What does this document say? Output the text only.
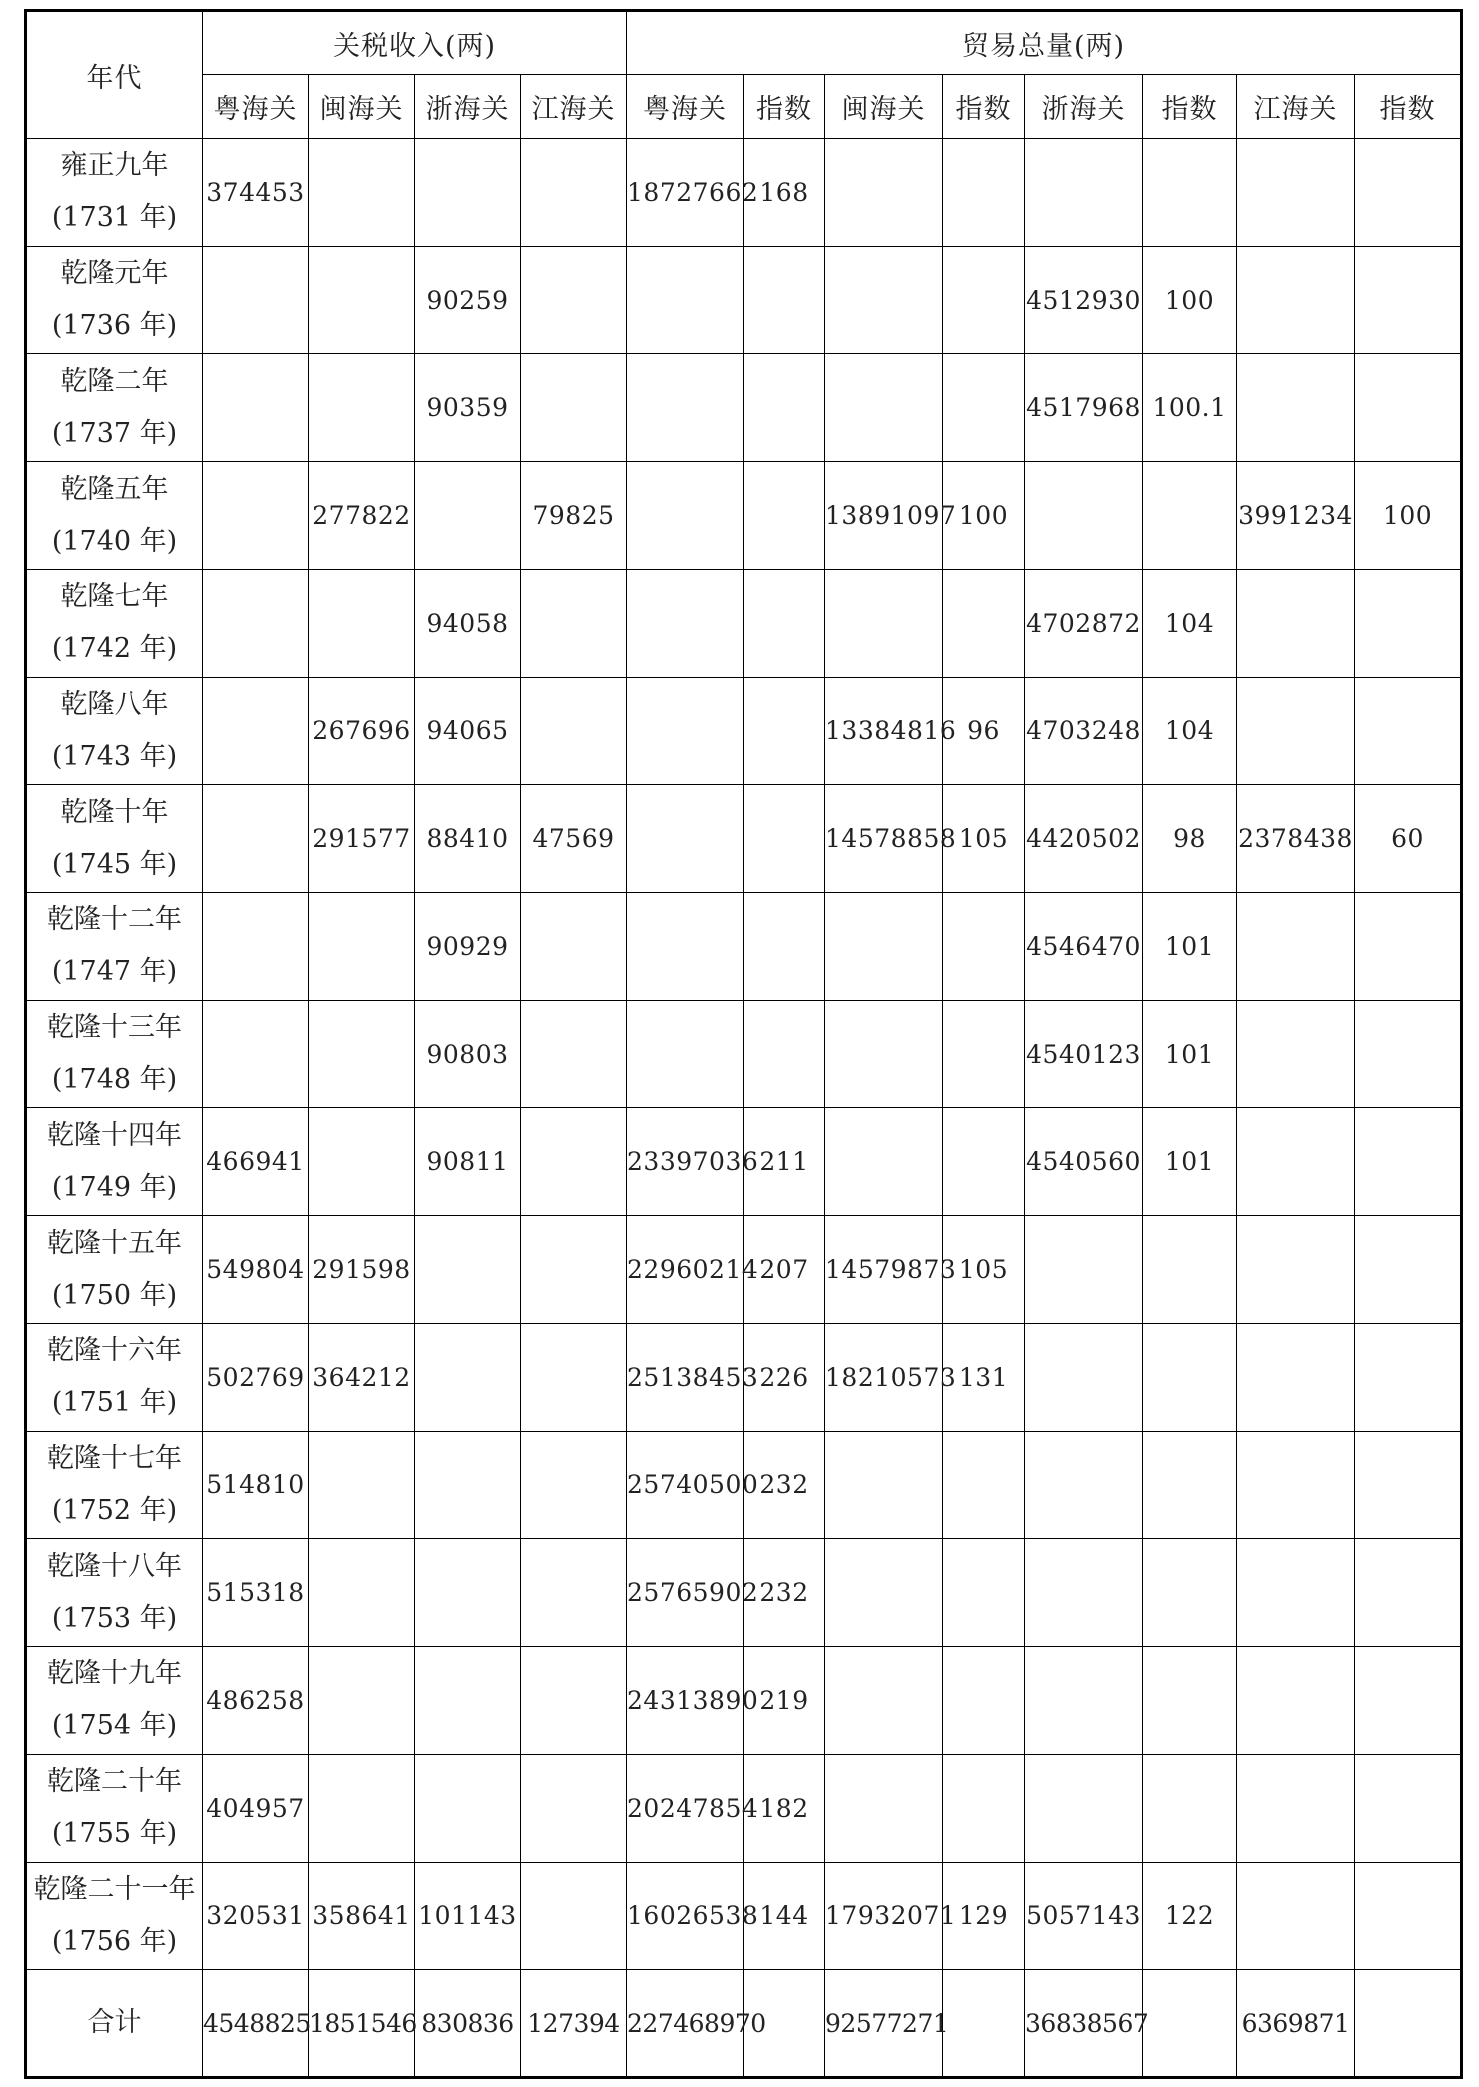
年代	关税收入(两)				贸易总量(两)							
	粤海关	闽海关	浙海关	江海关	粤海关	指数	闽海关	指数	浙海关	指数	江海关	指数

雍正九年
(1731 年)	374453				18727662	168						

乾隆元年
(1736 年)			90259						4512930	100		

乾隆二年
(1737 年)			90359						4517968	100.1		

乾隆五年
(1740 年)		277822		79825			13891097	100			3991234	100

乾隆七年
(1742 年)			94058						4702872	104		

乾隆八年
(1743 年)		267696	94065				13384816	96	4703248	104		

乾隆十年
(1745 年)		291577	88410	47569			14578858	105	4420502	98	2378438	60

乾隆十二年
(1747 年)			90929						4546470	101		

乾隆十三年
(1748 年)			90803						4540123	101		

乾隆十四年
(1749 年)	466941		90811		23397036	211			4540560	101		

乾隆十五年
(1750 年)	549804	291598			22960214	207	14579873	105				

乾隆十六年
(1751 年)	502769	364212			25138453	226	18210573	131				

乾隆十七年
(1752 年)	514810				25740500	232						

乾隆十八年
(1753 年)	515318				25765902	232						

乾隆十九年
(1754 年)	486258				24313890	219						

乾隆二十年
(1755 年)	404957				20247854	182						

乾隆二十一年
(1756 年)	320531	358641	101143		16026538	144	17932071	129	5057143	122		
合计	4548825	1851546	830836	127394	227468970		92577271		36838567		6369871	
